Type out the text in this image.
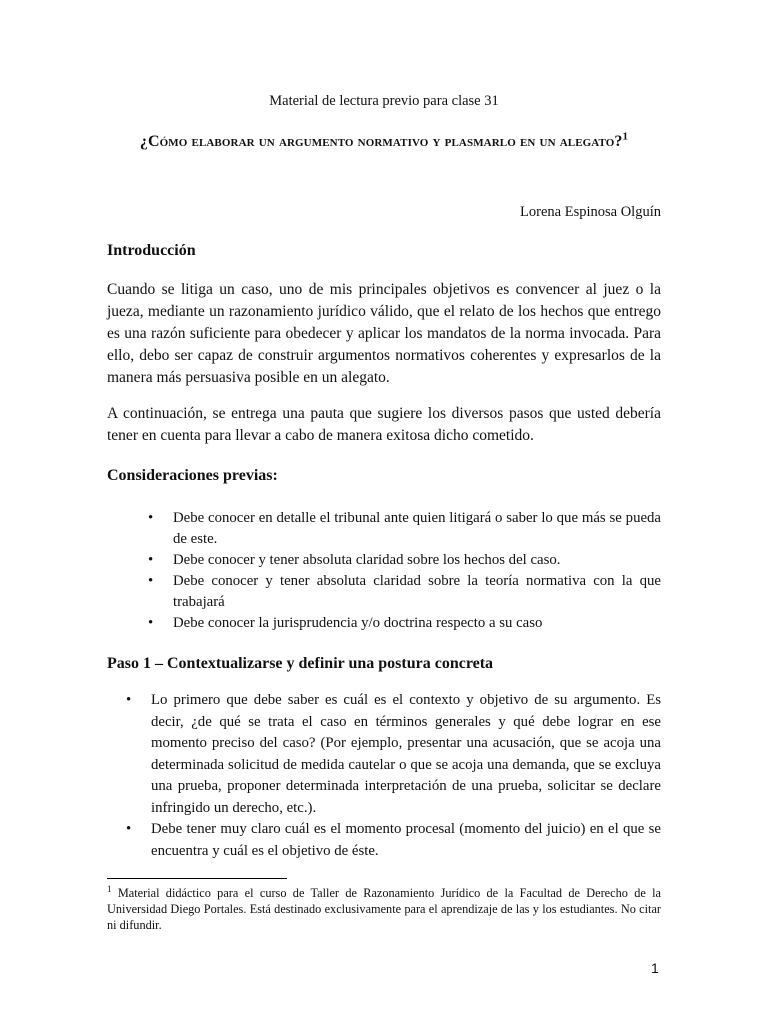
Material de lectura previo para clase 31
¿Cómo elaborar un argumento normativo y plasmarlo en un alegato?$^1$
Lorena Espinosa Olguín
Introducción

Cuando se litiga un caso, uno de mis principales objetivos es convencer al juez o la jueza, mediante un razonamiento jurídico válido, que el relato de los hechos que entrego es una razón suficiente para obedecer y aplicar los mandatos de la norma invocada. Para ello, debo ser capaz de construir argumentos normativos coherentes y expresarlos de la manera más persuasiva posible en un alegato.

A continuación, se entrega una pauta que sugiere los diversos pasos que usted debería tener en cuenta para llevar a cabo de manera exitosa dicho cometido.

Consideraciones previas:
• Debe conocer en detalle el tribunal ante quien litigará o saber lo que más se pueda de este.
• Debe conocer y tener absoluta claridad sobre los hechos del caso.
• Debe conocer y tener absoluta claridad sobre la teoría normativa con la que trabajará
• Debe conocer la jurisprudencia y/o doctrina respecto a su caso
Paso 1 – Contextualizarse y definir una postura concreta
• Lo primero que debe saber es cuál es el contexto y objetivo de su argumento. Es decir, ¿de qué se trata el caso en términos generales y qué debe lograr en ese momento preciso del caso? (Por ejemplo, presentar una acusación, que se acoja una determinada solicitud de medida cautelar o que se acoja una demanda, que se excluya una prueba, proponer determinada interpretación de una prueba, solicitar se declare infringido un derecho, etc.).
• Debe tener muy claro cuál es el momento procesal (momento del juicio) en el que se encuentra y cuál es el objetivo de éste.

$^1$ Material didáctico para el curso de Taller de Razonamiento Jurídico de la Facultad de Derecho de la Universidad Diego Portales. Está destinado exclusivamente para el aprendizaje de las y los estudiantes. No citar ni difundir.

1
